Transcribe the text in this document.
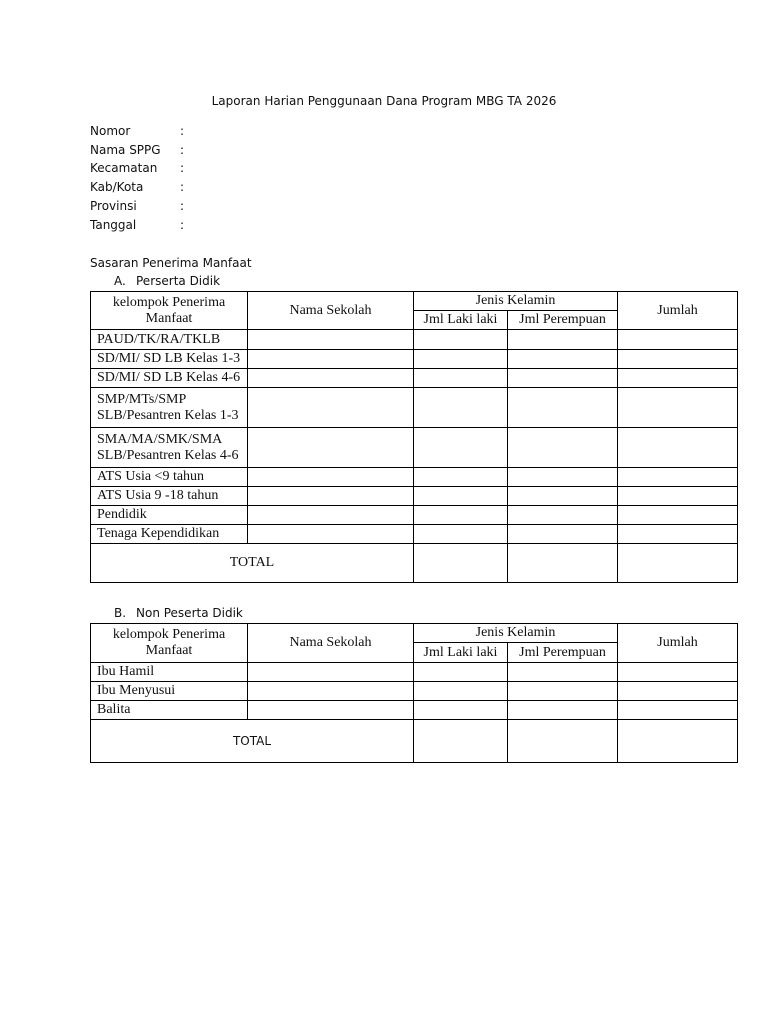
Laporan Harian Penggunaan Dana Program MBG TA 2026
Nomor	:
Nama SPPG :
Kecamatan :
Kab/Kota	:
Provinsi	:
Tanggal	:
Sasaran Penerima Manfaat
A. Perserta Didik
kelompok Penerima Manfaat	Nama Sekolah	Jenis Kelamin		Jumlah
		Jml Laki laki	Jml Perempuan	
PAUD/TK/RA/TKLB				
SD/MI/ SD LB Kelas 1-3				
SD/MI/ SD LB Kelas 4-6				
SMP/MTs/SMP SLB/Pesantren Kelas 1-3				
SMA/MA/SMK/SMA SLB/Pesantren Kelas 4-6				
ATS Usia <9 tahun				
ATS Usia 9 -18 tahun				
Pendidik				
Tenaga Kependidikan				
TOTAL				
B. Non Peserta Didik
kelompok Penerima Manfaat	Nama Sekolah	Jenis Kelamin		Jumlah
		Jml Laki laki	Jml Perempuan	
Ibu Hamil				
Ibu Menyusui				
Balita				
TOTAL				
